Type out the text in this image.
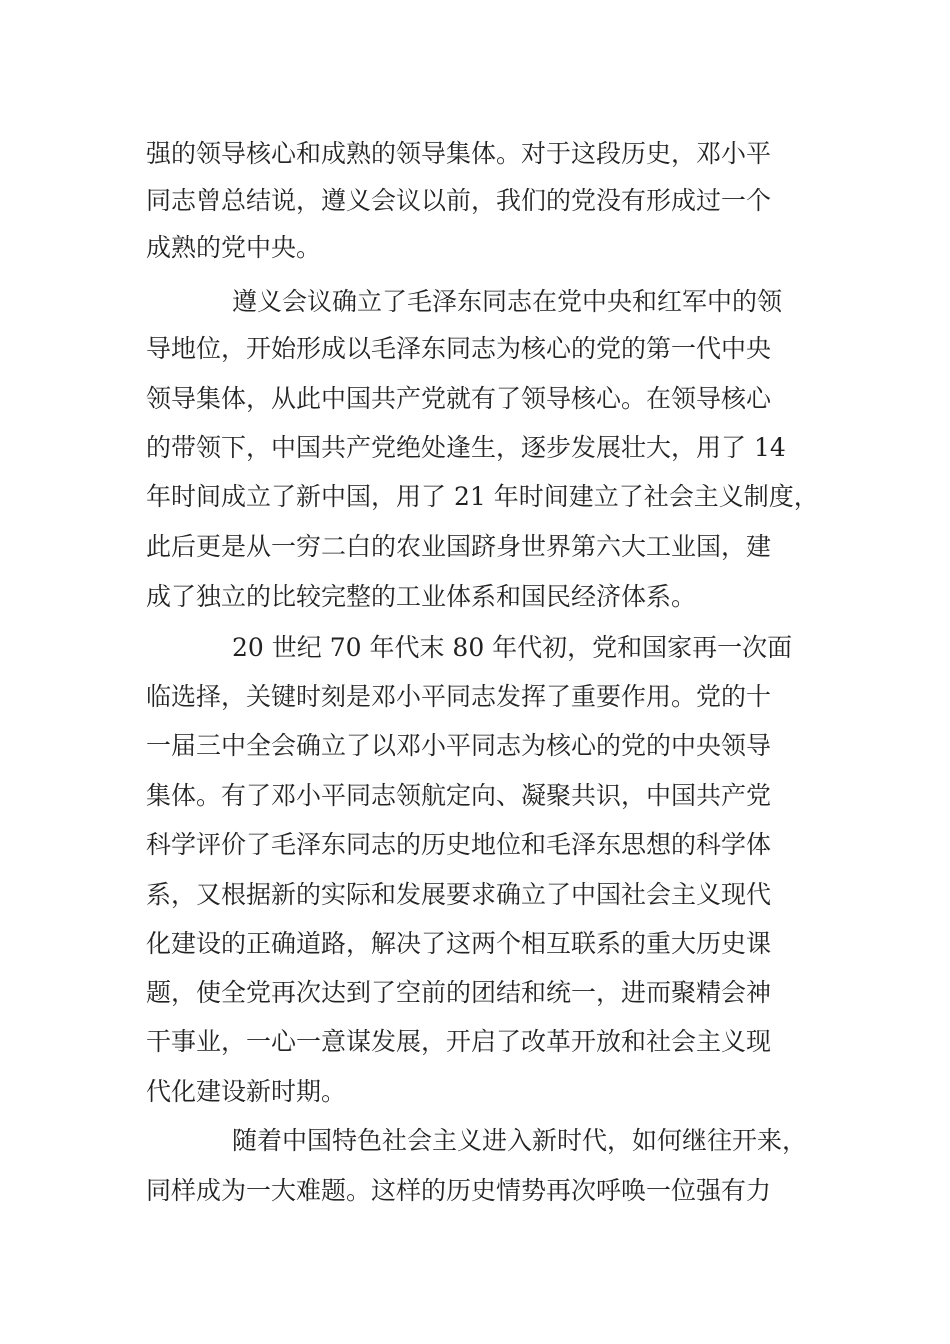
强的领导核心和成熟的领导集体。对于这段历史，邓小平
同志曾总结说，遵义会议以前，我们的党没有形成过一个
成熟的党中央。
遵义会议确立了毛泽东同志在党中央和红军中的领
导地位，开始形成以毛泽东同志为核心的党的第一代中央
领导集体，从此中国共产党就有了领导核心。在领导核心
的带领下，中国共产党绝处逢生，逐步发展壮大，用了 14
年时间成立了新中国，用了 21 年时间建立了社会主义制度，
此后更是从一穷二白的农业国跻身世界第六大工业国，建
成了独立的比较完整的工业体系和国民经济体系。
20 世纪 70 年代末 80 年代初，党和国家再一次面
临选择，关键时刻是邓小平同志发挥了重要作用。党的十
一届三中全会确立了以邓小平同志为核心的党的中央领导
集体。有了邓小平同志领航定向、凝聚共识，中国共产党
科学评价了毛泽东同志的历史地位和毛泽东思想的科学体
系，又根据新的实际和发展要求确立了中国社会主义现代
化建设的正确道路，解决了这两个相互联系的重大历史课
题，使全党再次达到了空前的团结和统一，进而聚精会神
干事业，一心一意谋发展，开启了改革开放和社会主义现
代化建设新时期。
随着中国特色社会主义进入新时代，如何继往开来，
同样成为一大难题。这样的历史情势再次呼唤一位强有力
